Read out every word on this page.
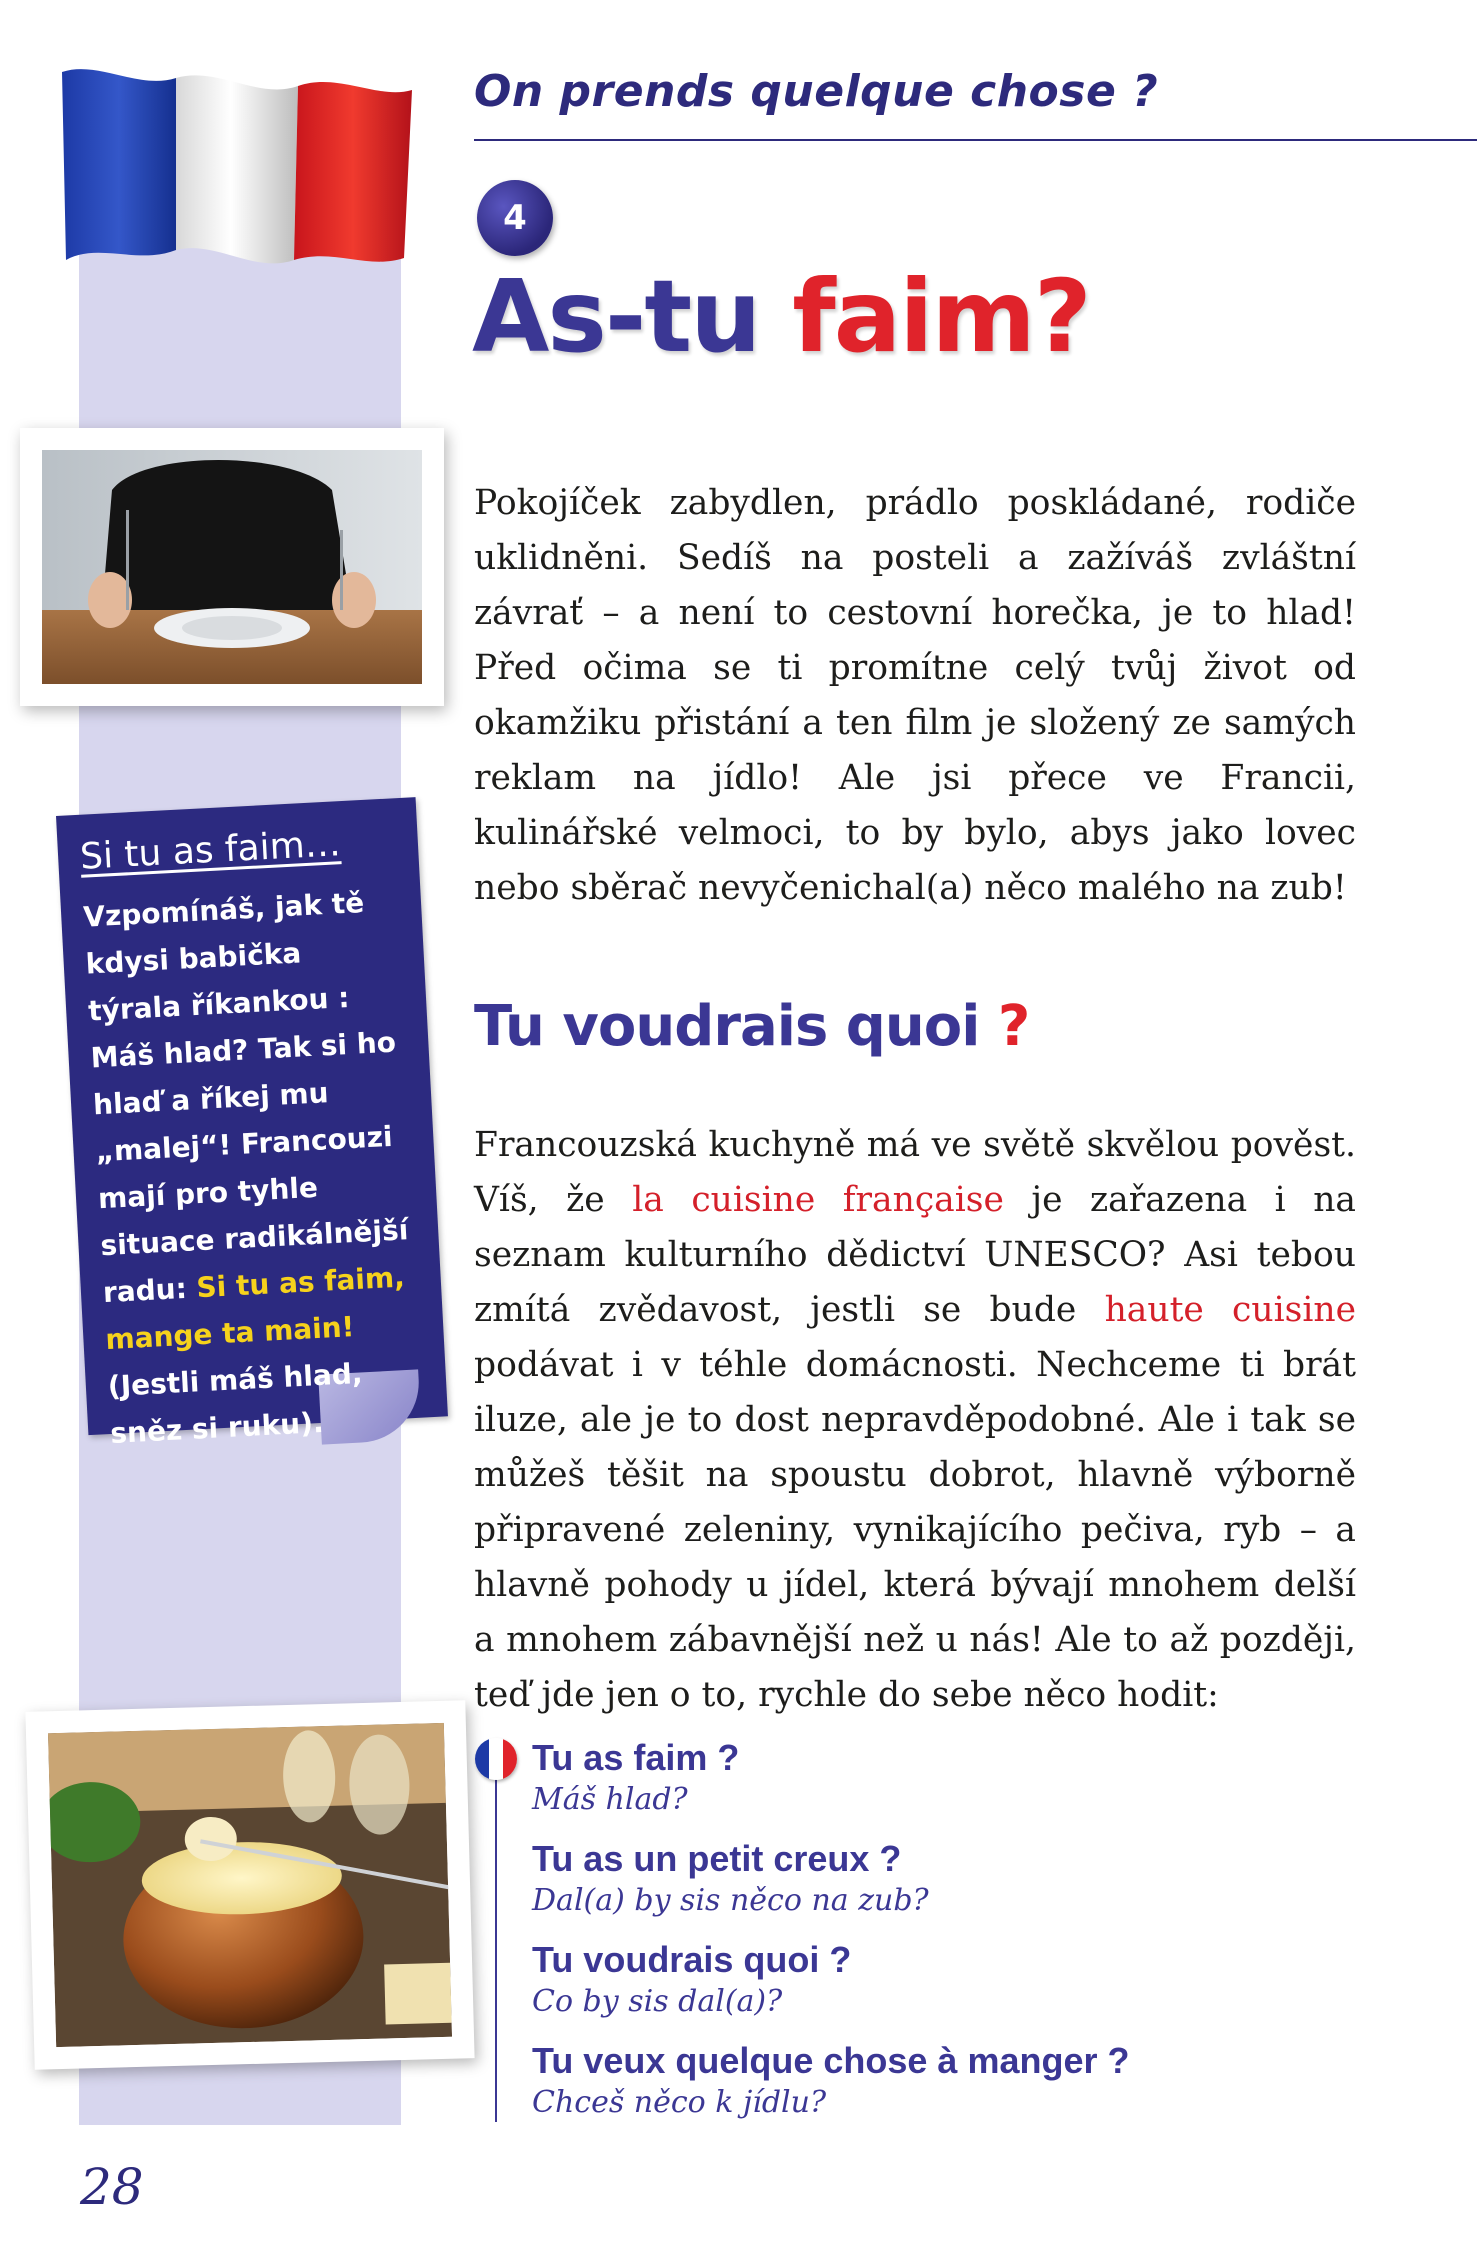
On prends quelque chose ?
4
As-tu faim?
Pokojíček zabydlen, prádlo poskládané, rodiče uklidněni. Sedíš na posteli a zažíváš zvláštní závrať – a není to cestovní horečka, je to hlad! Před očima se ti promítne celý tvůj život od okamžiku přistání a ten film je složený ze samých reklam na jídlo! Ale jsi přece ve Francii, kulinářské velmoci, to by bylo, abys jako lovec nebo sběrač nevyčenichal(a) něco malého na zub!
Si tu as faim…
Vzpomínáš, jak tě kdysi babička týrala říkankou : Máš hlad? Tak si ho hlaď a říkej mu „malej“! Francouzi mají pro tyhle situace radikálnější radu: Si tu as faim, mange ta main! (Jestli máš hlad, sněz si ruku).
Tu voudrais quoi ?
Francouzská kuchyně má ve světě skvělou pověst. Víš, že la cuisine française je zařazena i na seznam kulturního dědictví UNESCO? Asi tebou zmítá zvědavost, jestli se bude haute cuisine podávat i v téhle domácnosti. Nechceme ti brát iluze, ale je to dost nepravděpodobné. Ale i tak se můžeš těšit na spoustu dobrot, hlavně výborně připravené zeleniny, vynikajícího pečiva, ryb – a hlavně pohody u jídel, která bývají mnohem delší a mnohem zábavnější než u nás! Ale to až později, teď jde jen o to, rychle do sebe něco hodit:
Tu as faim ?
Máš hlad?
Tu as un petit creux ?
Dal(a) by sis něco na zub?
Tu voudrais quoi ?
Co by sis dal(a)?
Tu veux quelque chose à manger ?
Chceš něco k jídlu?
28
